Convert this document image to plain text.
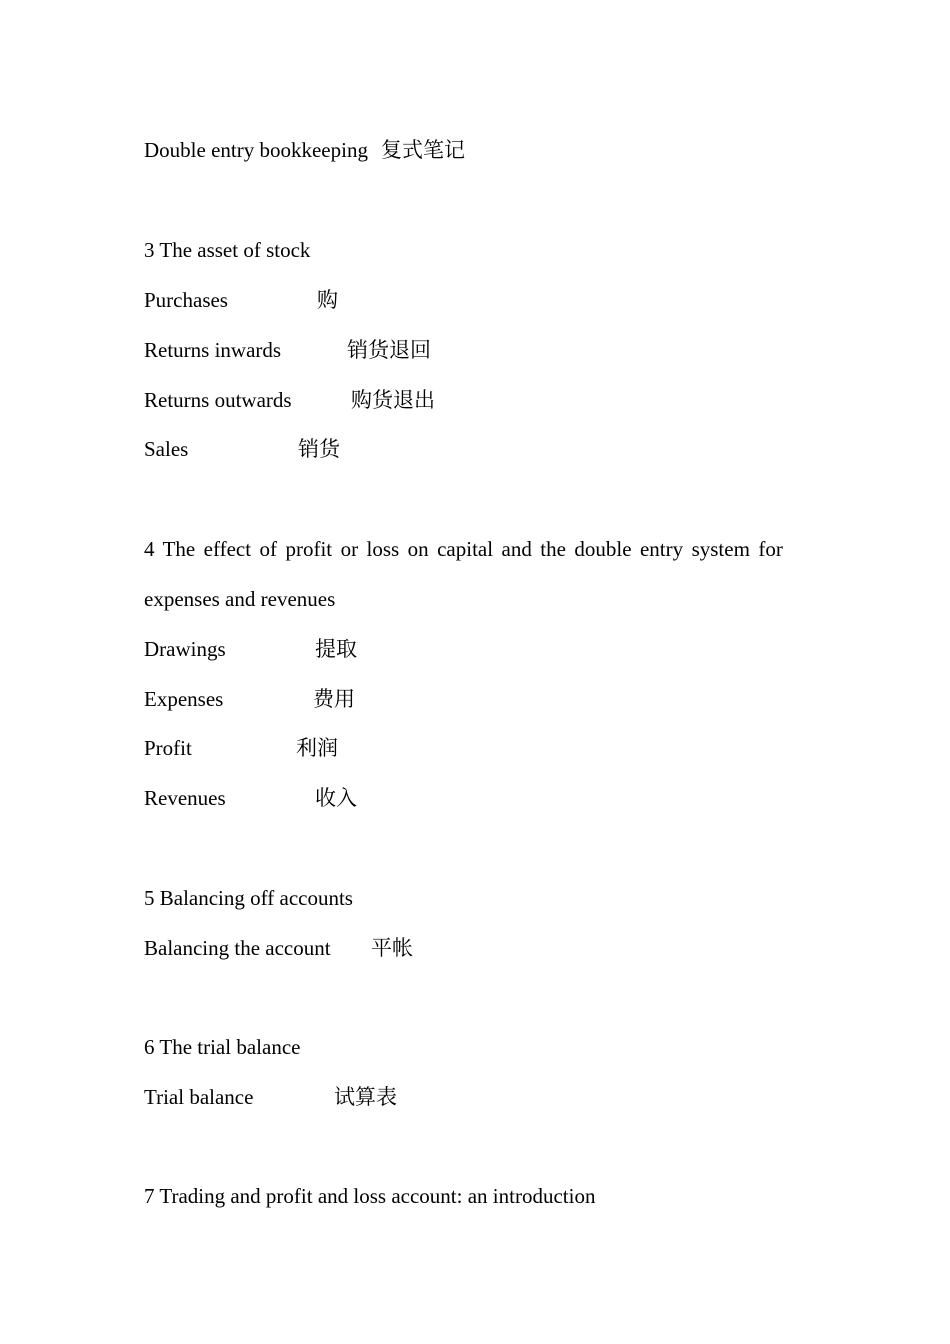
Double entry bookkeeping 复式笔记
3 The asset of stock
Purchases	购
Returns inwards	销货退回
Returns outwards	购货退出
Sales	销货
4 The effect of profit or loss on capital and the double entry system for
expenses and revenues
Drawings	提取
Expenses	费用
Profit	利润
Revenues	收入
5 Balancing off accounts
Balancing the account 平帐
6 The trial balance
Trial balance	试算表
7 Trading and profit and loss account: an introduction
